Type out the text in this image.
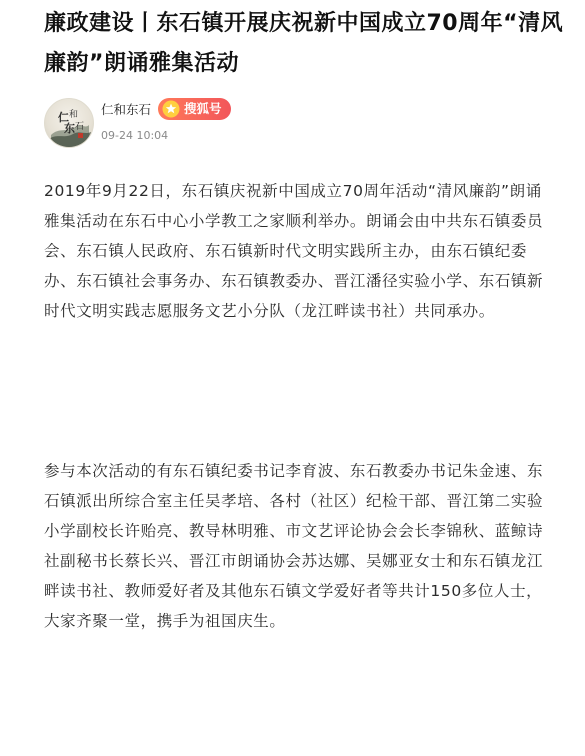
廉政建设丨东石镇开展庆祝新中国成立70周年“清风廉韵”朗诵雅集活动
仁 和
东 石
仁和东石	搜狐号
09-24 10:04

2019年9月22日，东石镇庆祝新中国成立70周年活动“清风廉韵”朗诵雅集活动在东石中心小学教工之家顺利举办。朗诵会由中共东石镇委员会、东石镇人民政府、东石镇新时代文明实践所主办，由东石镇纪委办、东石镇社会事务办、东石镇教委办、晋江潘径实验小学、东石镇新时代文明实践志愿服务文艺小分队（龙江畔读书社）共同承办。

参与本次活动的有东石镇纪委书记李育波、东石教委办书记朱金速、东石镇派出所综合室主任吴孝培、各村（社区）纪检干部、晋江第二实验小学副校长许贻亮、教导林明雅、市文艺评论协会会长李锦秋、蓝鲸诗社副秘书长蔡长兴、晋江市朗诵协会苏达娜、吴娜亚女士和东石镇龙江畔读书社、教师爱好者及其他东石镇文学爱好者等共计150多位人士，大家齐聚一堂，携手为祖国庆生。
